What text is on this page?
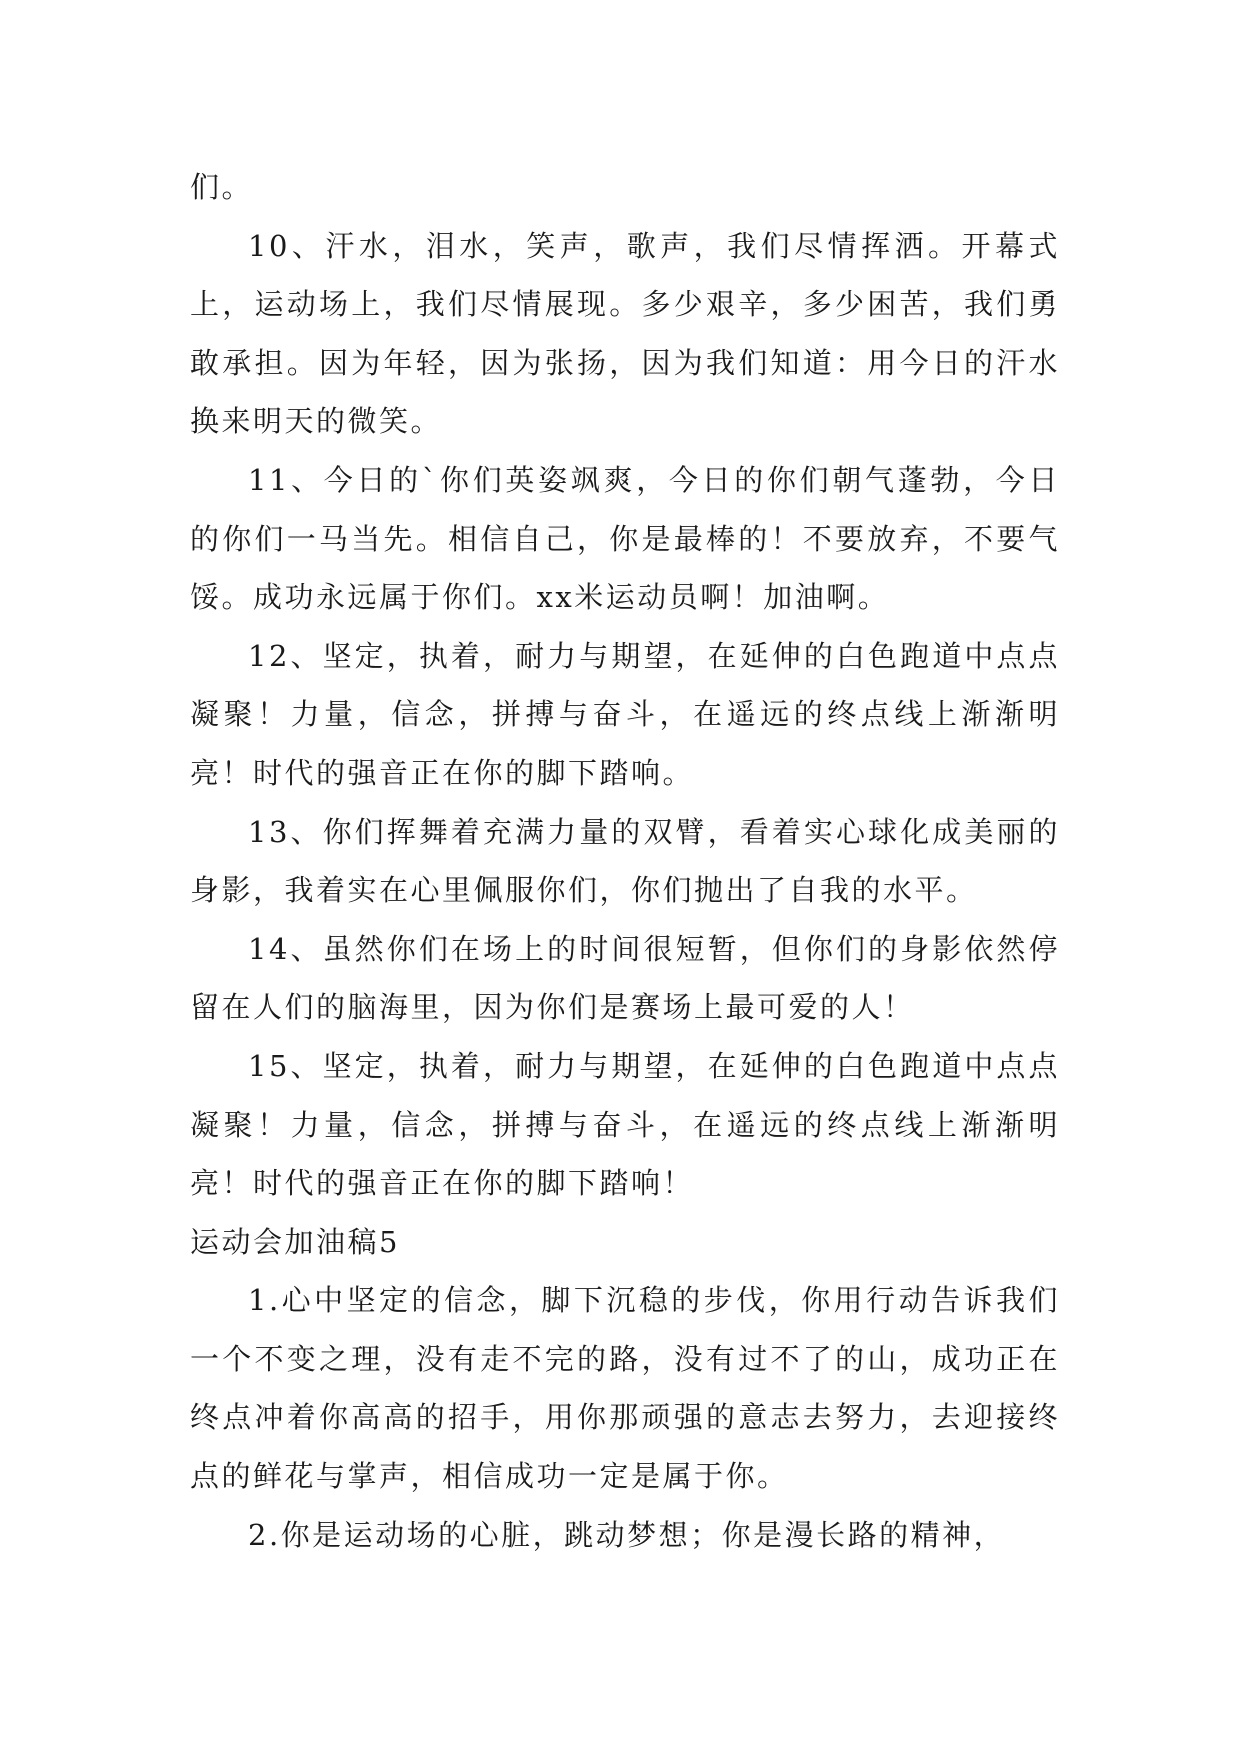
们。

10、汗水，泪水，笑声，歌声，我们尽情挥洒。开幕式上，运动场上，我们尽情展现。多少艰辛，多少困苦，我们勇敢承担。因为年轻，因为张扬，因为我们知道：用今日的汗水换来明天的微笑。

11、今日的`你们英姿飒爽，今日的你们朝气蓬勃，今日的你们一马当先。相信自己，你是最棒的！不要放弃，不要气馁。成功永远属于你们。xx米运动员啊！加油啊。

12、坚定，执着，耐力与期望，在延伸的白色跑道中点点凝聚！力量，信念，拼搏与奋斗，在遥远的终点线上渐渐明亮！时代的强音正在你的脚下踏响。

13、你们挥舞着充满力量的双臂，看着实心球化成美丽的身影，我着实在心里佩服你们，你们抛出了自我的水平。

14、虽然你们在场上的时间很短暂，但你们的身影依然停留在人们的脑海里，因为你们是赛场上最可爱的人！

15、坚定，执着，耐力与期望，在延伸的白色跑道中点点凝聚！力量，信念，拼搏与奋斗，在遥远的终点线上渐渐明亮！时代的强音正在你的脚下踏响！

运动会加油稿5

1.心中坚定的信念，脚下沉稳的步伐，你用行动告诉我们一个不变之理，没有走不完的路，没有过不了的山，成功正在终点冲着你高高的招手，用你那顽强的意志去努力，去迎接终点的鲜花与掌声，相信成功一定是属于你。

2.你是运动场的心脏，跳动梦想；你是漫长路的精神，
